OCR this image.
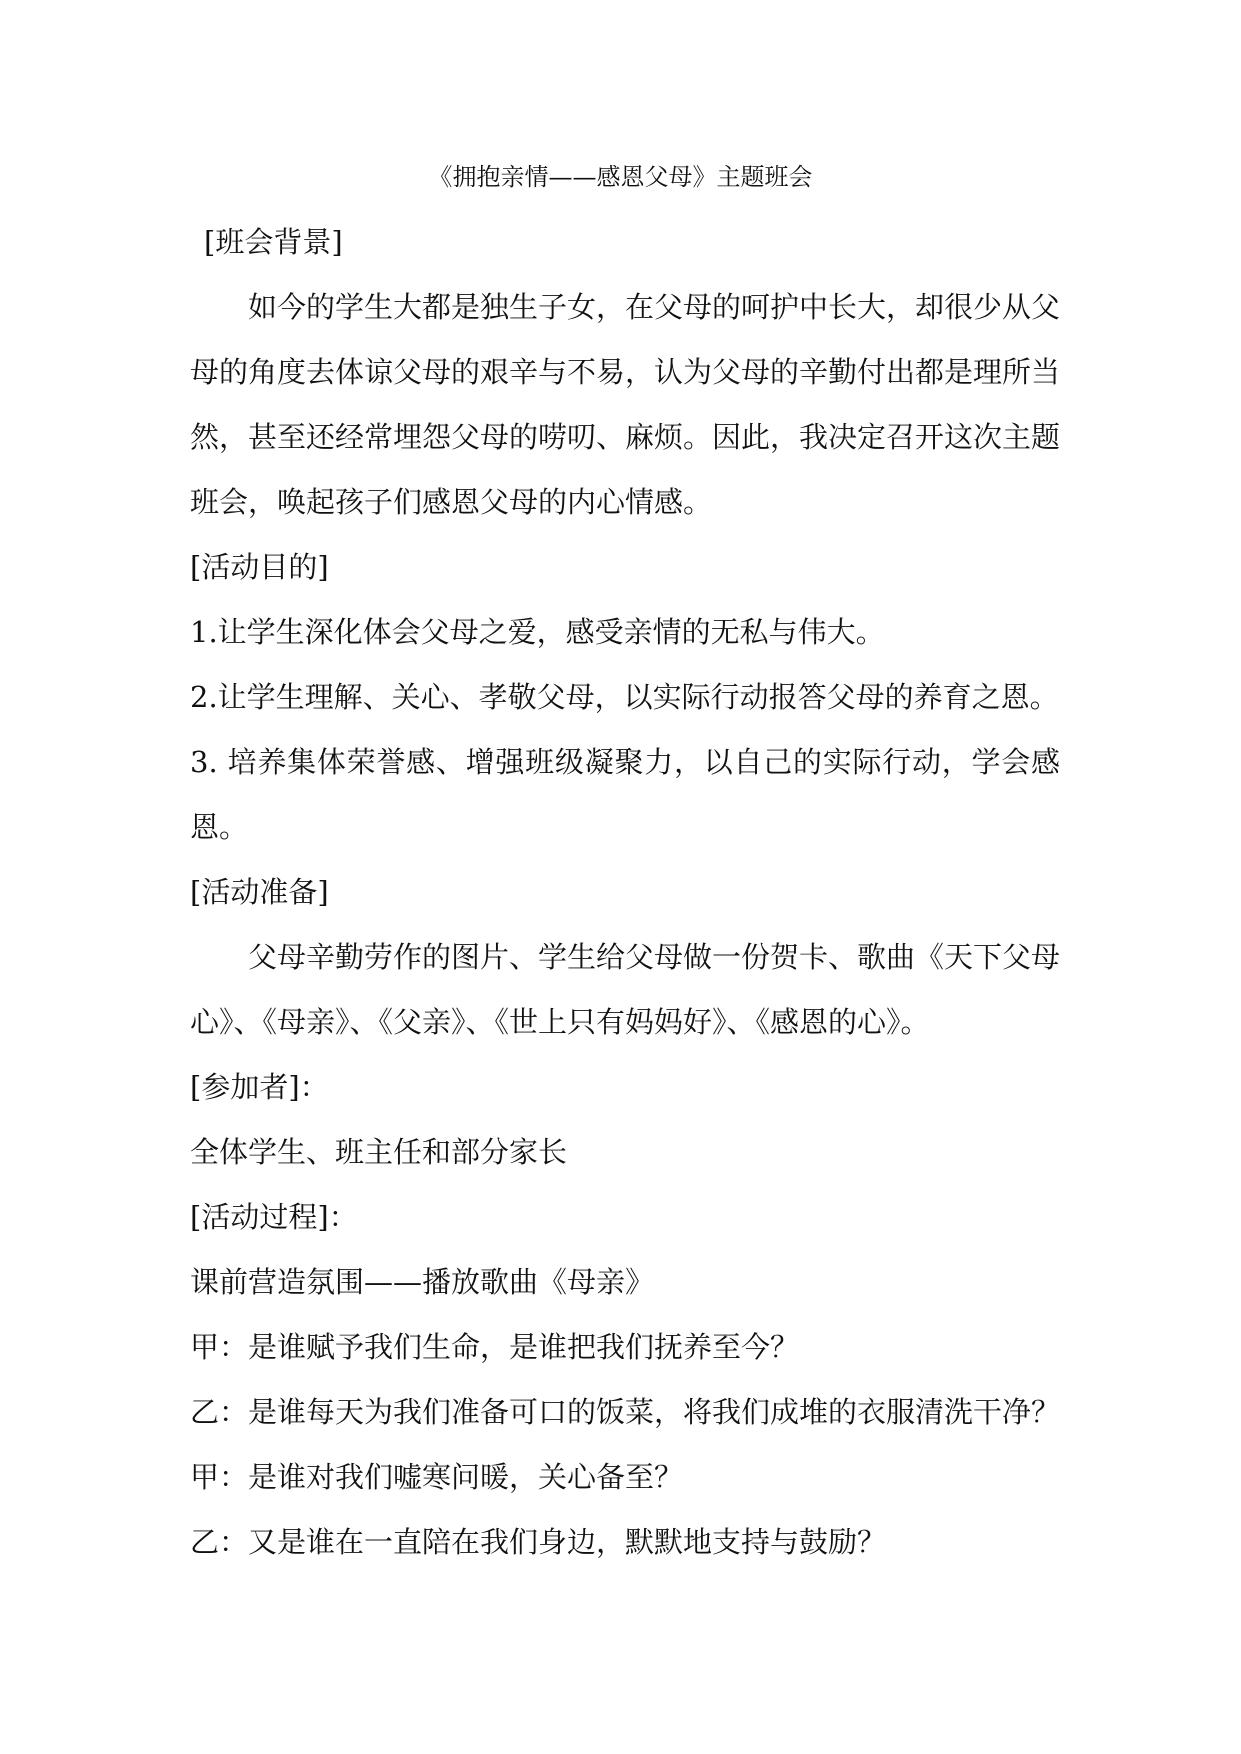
《拥抱亲情——感恩父母》主题班会
[班会背景]
如今的学生大都是独生子女，在父母的呵护中长大，却很少从父
母的角度去体谅父母的艰辛与不易，认为父母的辛勤付出都是理所当
然，甚至还经常埋怨父母的唠叨、麻烦。因此，我决定召开这次主题
班会，唤起孩子们感恩父母的内心情感。
[活动目的]
1.让学生深化体会父母之爱，感受亲情的无私与伟大。
2.让学生理解、关心、孝敬父母，以实际行动报答父母的养育之恩。
3. 培养集体荣誉感、增强班级凝聚力，以自己的实际行动，学会感
恩。
[活动准备]
父母辛勤劳作的图片、学生给父母做一份贺卡、歌曲《天下父母
心》、《母亲》、《父亲》、《世上只有妈妈好》、《感恩的心》。
[参加者]：
全体学生、班主任和部分家长
[活动过程]：
课前营造氛围——播放歌曲《母亲》
甲：是谁赋予我们生命，是谁把我们抚养至今？
乙：是谁每天为我们准备可口的饭菜，将我们成堆的衣服清洗干净？
甲：是谁对我们嘘寒问暖，关心备至？
乙：又是谁在一直陪在我们身边，默默地支持与鼓励？
